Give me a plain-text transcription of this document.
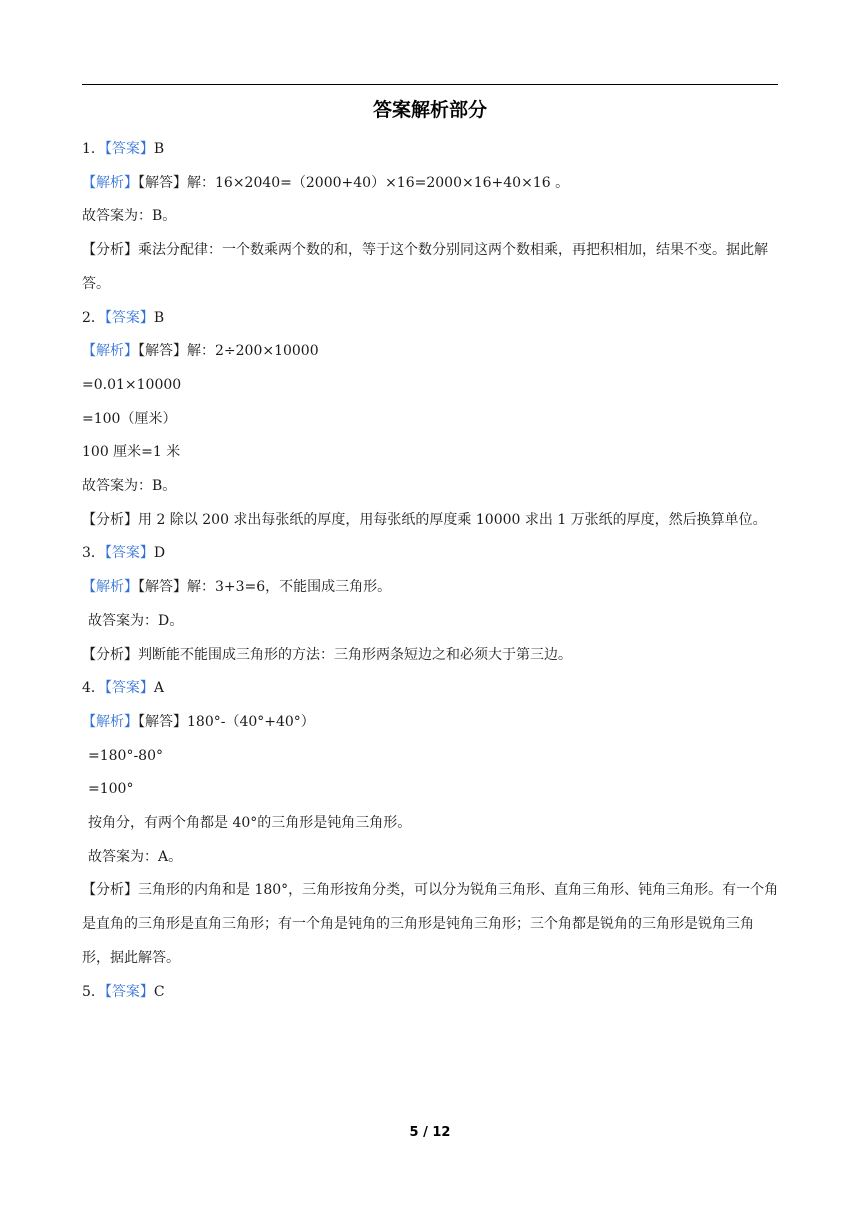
答案解析部分
1．【答案】B
【解析】【解答】解：16×2040=（2000+40）×16=2000×16+40×16 。
故答案为：B。
【分析】乘法分配律：一个数乘两个数的和，等于这个数分别同这两个数相乘，再把积相加，结果不变。据此解答。
2．【答案】B
【解析】【解答】解：2÷200×10000
=0.01×10000
=100（厘米）
100 厘米=1 米
故答案为：B。
【分析】用 2 除以 200 求出每张纸的厚度，用每张纸的厚度乘 10000 求出 1 万张纸的厚度，然后换算单位。
3．【答案】D
【解析】【解答】解：3+3=6，不能围成三角形。
故答案为：D。
【分析】判断能不能围成三角形的方法：三角形两条短边之和必须大于第三边。
4．【答案】A
【解析】【解答】180°-（40°+40°）
=180°-80°
=100°
按角分，有两个角都是 40°的三角形是钝角三角形。
故答案为：A。
【分析】三角形的内角和是 180°，三角形按角分类，可以分为锐角三角形、直角三角形、钝角三角形。有一个角是直角的三角形是直角三角形；有一个角是钝角的三角形是钝角三角形；三个角都是锐角的三角形是锐角三角形，据此解答。
5．【答案】C
5 / 12
